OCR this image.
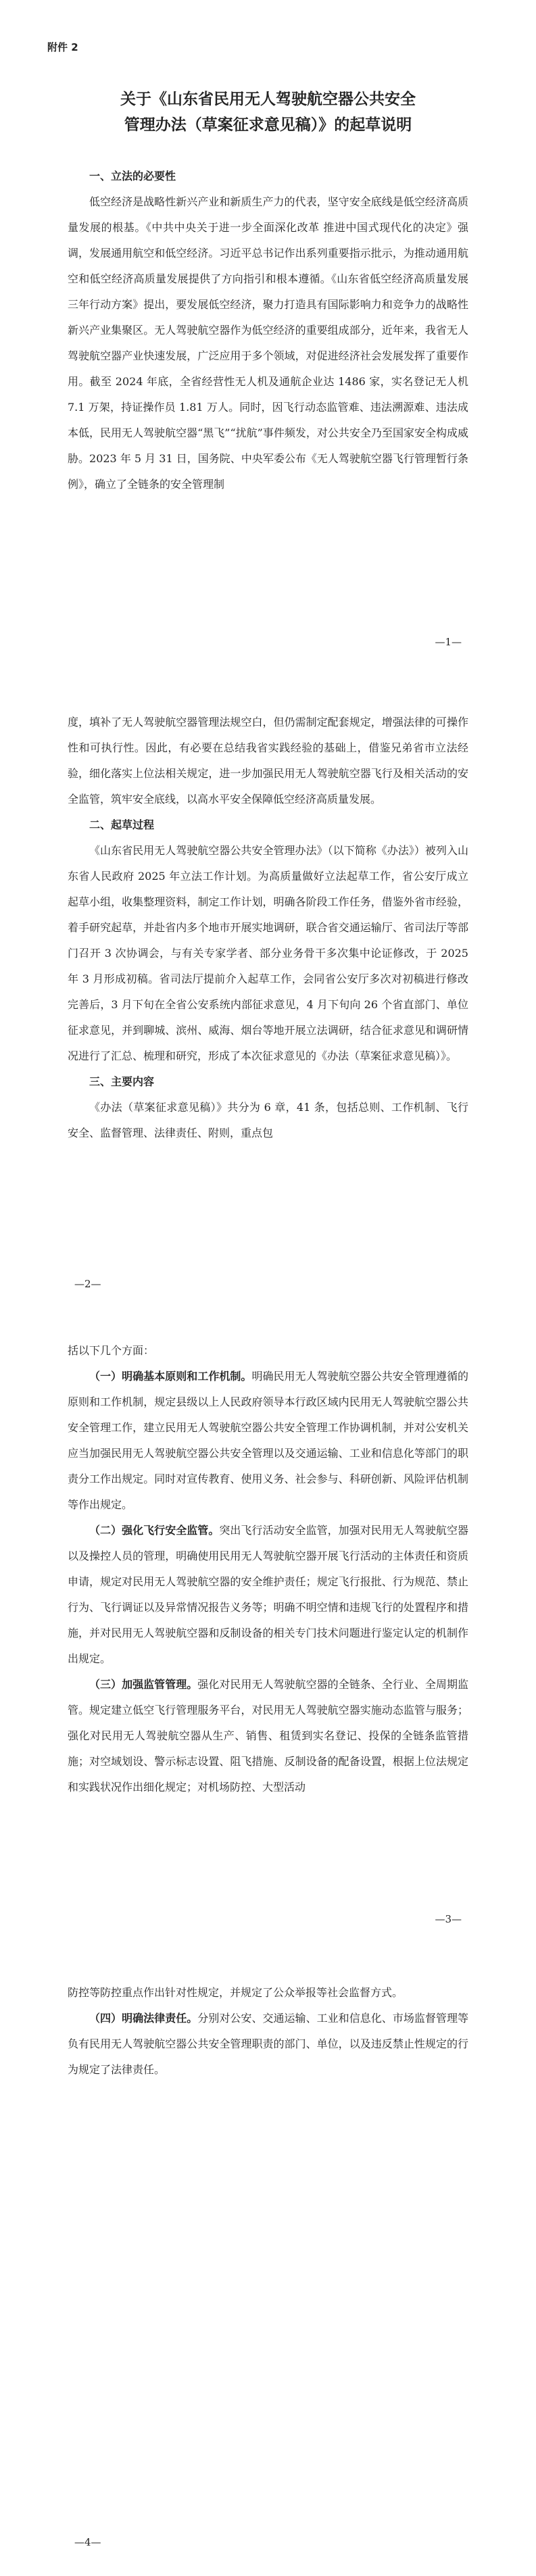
附件 2
关于《山东省民用无人驾驶航空器公共安全
管理办法（草案征求意见稿）》的起草说明
一、立法的必要性

低空经济是战略性新兴产业和新质生产力的代表，坚守安全底线是低空经济高质量发展的根基。《中共中央关于进一步全面深化改革 推进中国式现代化的决定》强调，发展通用航空和低空经济。习近平总书记作出系列重要指示批示，为推动通用航空和低空经济高质量发展提供了方向指引和根本遵循。《山东省低空经济高质量发展三年行动方案》提出，要发展低空经济，聚力打造具有国际影响力和竞争力的战略性新兴产业集聚区。无人驾驶航空器作为低空经济的重要组成部分，近年来，我省无人驾驶航空器产业快速发展，广泛应用于多个领域，对促进经济社会发展发挥了重要作用。截至 2024 年底，全省经营性无人机及通航企业达 1486 家，实名登记无人机 7.1 万架，持证操作员 1.81 万人。同时，因飞行动态监管难、违法溯源难、违法成本低，民用无人驾驶航空器“黑飞”“扰航”事件频发，对公共安全乃至国家安全构成威胁。2023 年 5 月 31 日，国务院、中央军委公布《无人驾驶航空器飞行管理暂行条例》，确立了全链条的安全管理制

—1—

度，填补了无人驾驶航空器管理法规空白，但仍需制定配套规定，增强法律的可操作性和可执行性。因此，有必要在总结我省实践经验的基础上，借鉴兄弟省市立法经验，细化落实上位法相关规定，进一步加强民用无人驾驶航空器飞行及相关活动的安全监管，筑牢安全底线，以高水平安全保障低空经济高质量发展。

二、起草过程

《山东省民用无人驾驶航空器公共安全管理办法》（以下简称《办法》）被列入山东省人民政府 2025 年立法工作计划。为高质量做好立法起草工作，省公安厅成立起草小组，收集整理资料，制定工作计划，明确各阶段工作任务，借鉴外省市经验，着手研究起草，并赴省内多个地市开展实地调研，联合省交通运输厅、省司法厅等部门召开 3 次协调会，与有关专家学者、部分业务骨干多次集中论证修改，于 2025 年 3 月形成初稿。省司法厅提前介入起草工作，会同省公安厅多次对初稿进行修改完善后，3 月下旬在全省公安系统内部征求意见，4 月下旬向 26 个省直部门、单位征求意见，并到聊城、滨州、威海、烟台等地开展立法调研，结合征求意见和调研情况进行了汇总、梳理和研究，形成了本次征求意见的《办法（草案征求意见稿）》。

三、主要内容

《办法（草案征求意见稿）》共分为 6 章，41 条，包括总则、工作机制、飞行安全、监督管理、法律责任、附则，重点包

—2—

括以下几个方面：

（一）明确基本原则和工作机制。明确民用无人驾驶航空器公共安全管理遵循的原则和工作机制，规定县级以上人民政府领导本行政区域内民用无人驾驶航空器公共安全管理工作，建立民用无人驾驶航空器公共安全管理工作协调机制，并对公安机关应当加强民用无人驾驶航空器公共安全管理以及交通运输、工业和信息化等部门的职责分工作出规定。同时对宣传教育、使用义务、社会参与、科研创新、风险评估机制等作出规定。

（二）强化飞行安全监管。突出飞行活动安全监管，加强对民用无人驾驶航空器以及操控人员的管理，明确使用民用无人驾驶航空器开展飞行活动的主体责任和资质申请，规定对民用无人驾驶航空器的安全维护责任；规定飞行报批、行为规范、禁止行为、飞行调证以及异常情况报告义务等；明确不明空情和违规飞行的处置程序和措施，并对民用无人驾驶航空器和反制设备的相关专门技术问题进行鉴定认定的机制作出规定。

（三）加强监管管理。强化对民用无人驾驶航空器的全链条、全行业、全周期监管。规定建立低空飞行管理服务平台，对民用无人驾驶航空器实施动态监管与服务；强化对民用无人驾驶航空器从生产、销售、租赁到实名登记、投保的全链条监管措施；对空域划设、警示标志设置、阻飞措施、反制设备的配备设置，根据上位法规定和实践状况作出细化规定；对机场防控、大型活动

—3—

防控等防控重点作出针对性规定，并规定了公众举报等社会监督方式。

（四）明确法律责任。分别对公安、交通运输、工业和信息化、市场监督管理等负有民用无人驾驶航空器公共安全管理职责的部门、单位，以及违反禁止性规定的行为规定了法律责任。

—4—
